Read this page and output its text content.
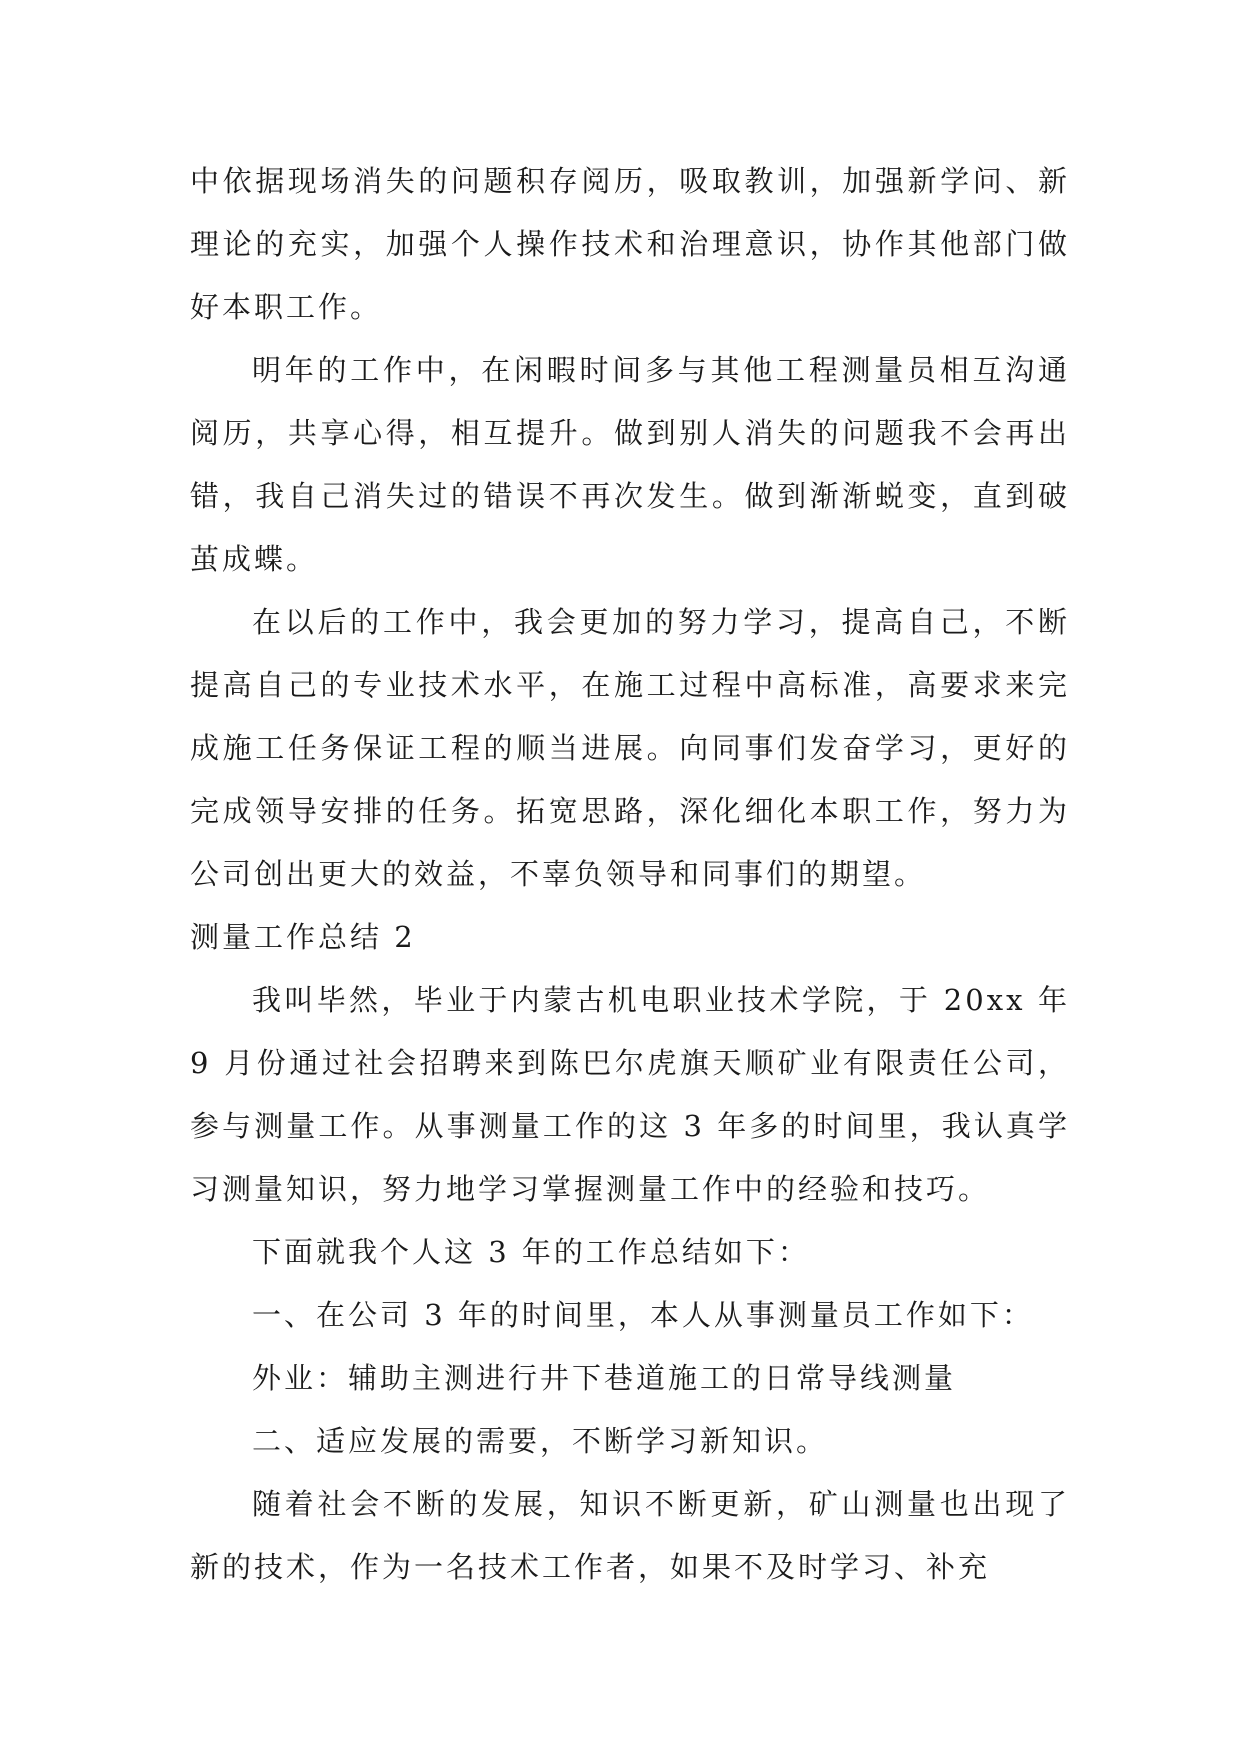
中依据现场消失的问题积存阅历，吸取教训，加强新学问、新理论的充实，加强个人操作技术和治理意识，协作其他部门做好本职工作。

明年的工作中，在闲暇时间多与其他工程测量员相互沟通阅历，共享心得，相互提升。做到别人消失的问题我不会再出错，我自己消失过的错误不再次发生。做到渐渐蜕变，直到破茧成蝶。

在以后的工作中，我会更加的努力学习，提高自己，不断提高自己的专业技术水平，在施工过程中高标准，高要求来完成施工任务保证工程的顺当进展。向同事们发奋学习，更好的完成领导安排的任务。拓宽思路，深化细化本职工作，努力为公司创出更大的效益，不辜负领导和同事们的期望。

测量工作总结 2

我叫毕然，毕业于内蒙古机电职业技术学院，于 20xx 年 9 月份通过社会招聘来到陈巴尔虎旗天顺矿业有限责任公司，参与测量工作。从事测量工作的这 3 年多的时间里，我认真学习测量知识，努力地学习掌握测量工作中的经验和技巧。

下面就我个人这 3 年的工作总结如下：

一、在公司 3 年的时间里，本人从事测量员工作如下：

外业：辅助主测进行井下巷道施工的日常导线测量

二、适应发展的需要，不断学习新知识。

随着社会不断的发展，知识不断更新，矿山测量也出现了新的技术，作为一名技术工作者，如果不及时学习、补充
